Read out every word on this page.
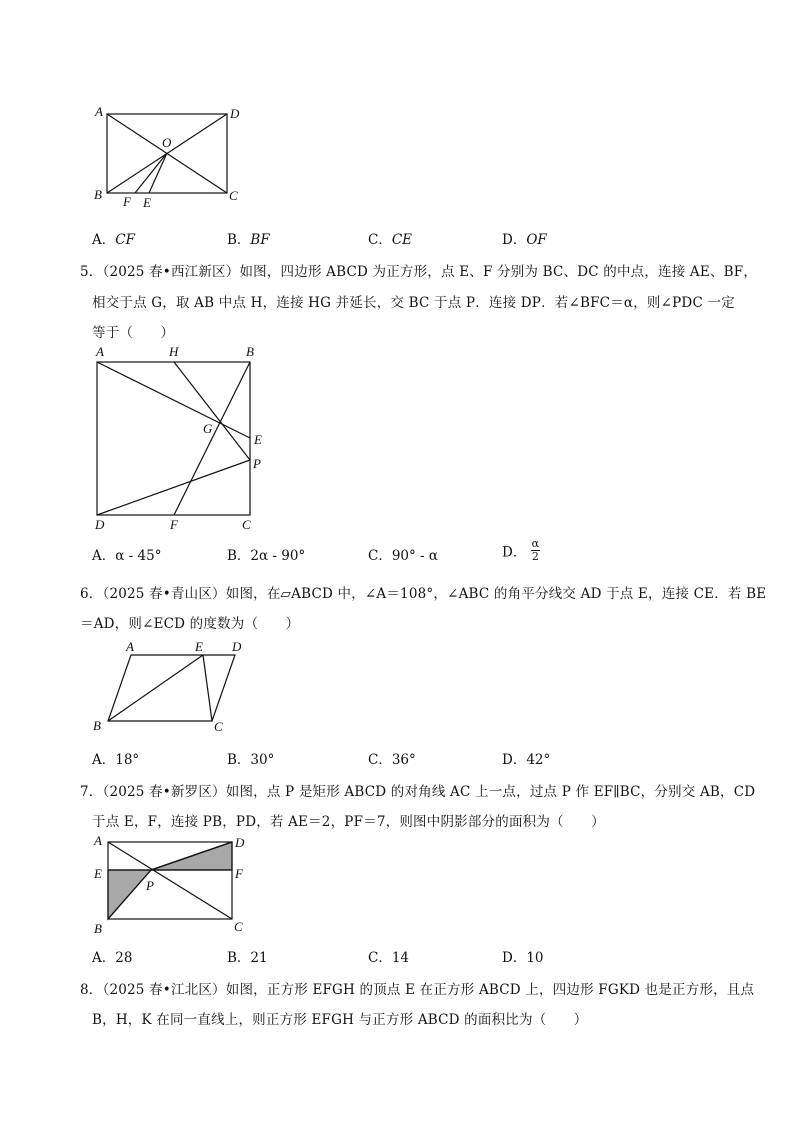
A	D
O
B F E	C
A．CF	B．BF	C．CE	D．OF
5．（2025 春•西江新区）如图，四边形 ABCD 为正方形，点 E、F 分别为 BC、DC 的中点，连接 AE、BF，
相交于点 G，取 AB 中点 H，连接 HG 并延长，交 BC 于点 P．连接 DP．若∠BFC＝α，则∠PDC 一定
等于（　　）
A	H	B
G
E
P
D	F	C
A．α - 45°	B．2α - 90°	C．90° - α	D． $\frac{\alpha}{2}$
6．（2025 春•青山区）如图，在▱ABCD 中，∠A＝108°，∠ABC 的角平分线交 AD 于点 E，连接 CE．若 BE
＝AD，则∠ECD 的度数为（　　）
A	E D
B	C
A．18°	B．30°	C．36°	D．42°
7．（2025 春•新罗区）如图，点 P 是矩形 ABCD 的对角线 AC 上一点，过点 P 作 EF∥BC，分别交 AB，CD
于点 E，F，连接 PB，PD，若 AE＝2，PF＝7，则图中阴影部分的面积为（　　）
A	D
E	F
P
B	C
A．28	B．21	C．14	D．10
8．（2025 春•江北区）如图，正方形 EFGH 的顶点 E 在正方形 ABCD 上，四边形 FGKD 也是正方形，且点
B，H，K 在同一直线上，则正方形 EFGH 与正方形 ABCD 的面积比为（　　）
